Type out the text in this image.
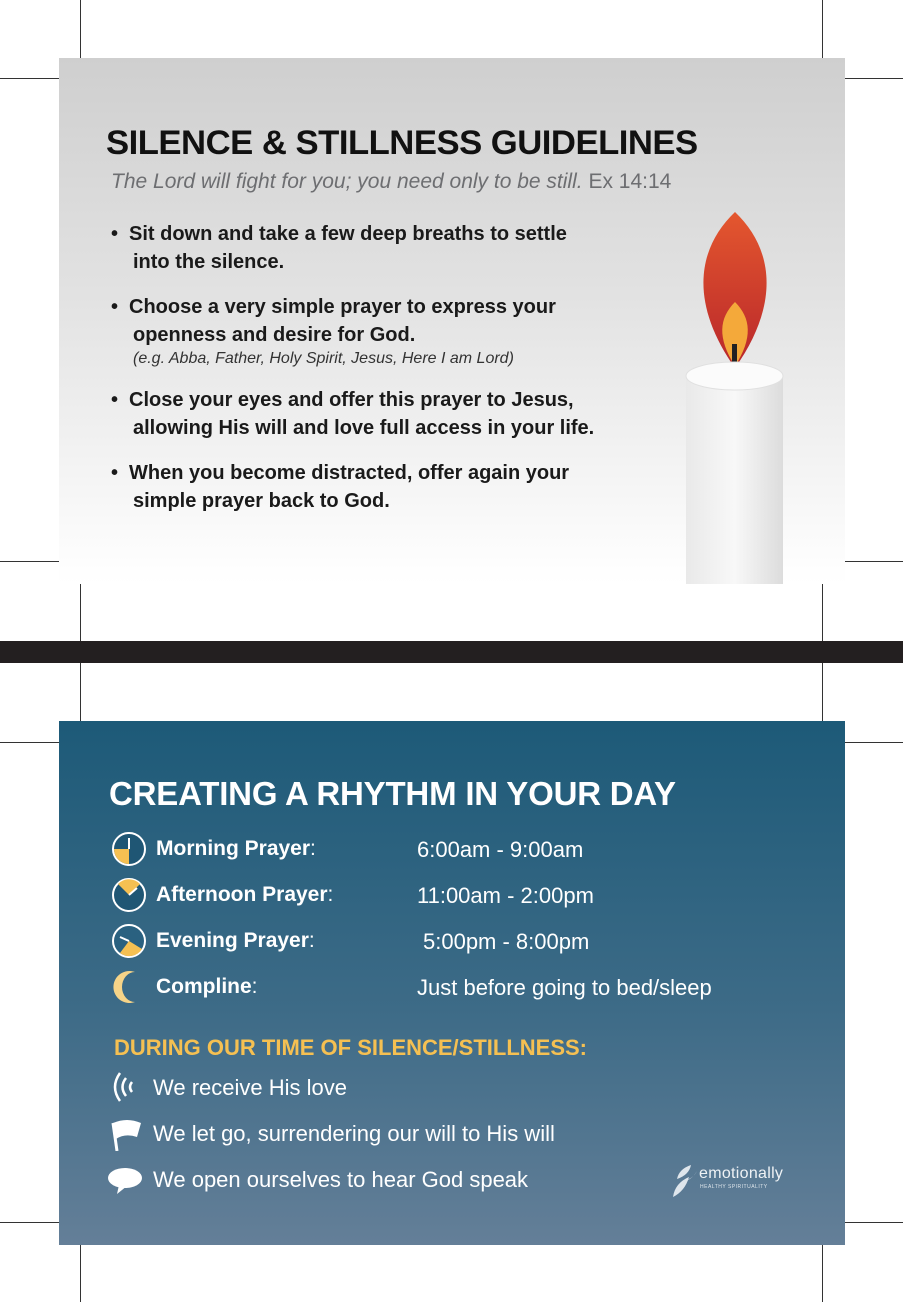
SILENCE & STILLNESS GUIDELINES
The Lord will fight for you; you need only to be still. Ex 14:14
• Sit down and take a few deep breaths to settle
into the silence.
• Choose a very simple prayer to express your
openness and desire for God.
(e.g. Abba, Father, Holy Spirit, Jesus, Here I am Lord)
• Close your eyes and offer this prayer to Jesus,
allowing His will and love full access in your life.
• When you become distracted, offer again your
simple prayer back to God.
CREATING A RHYTHM IN YOUR DAY
Morning Prayer:	6:00am - 9:00am
Afternoon Prayer:	11:00am - 2:00pm
Evening Prayer:	5:00pm - 8:00pm
Compline:	Just before going to bed/sleep
DURING OUR TIME OF SILENCE/STILLNESS:
We receive His love
We let go, surrendering our will to His will
We open ourselves to hear God speak	emotionally
HEALTHY SPIRITUALITY
